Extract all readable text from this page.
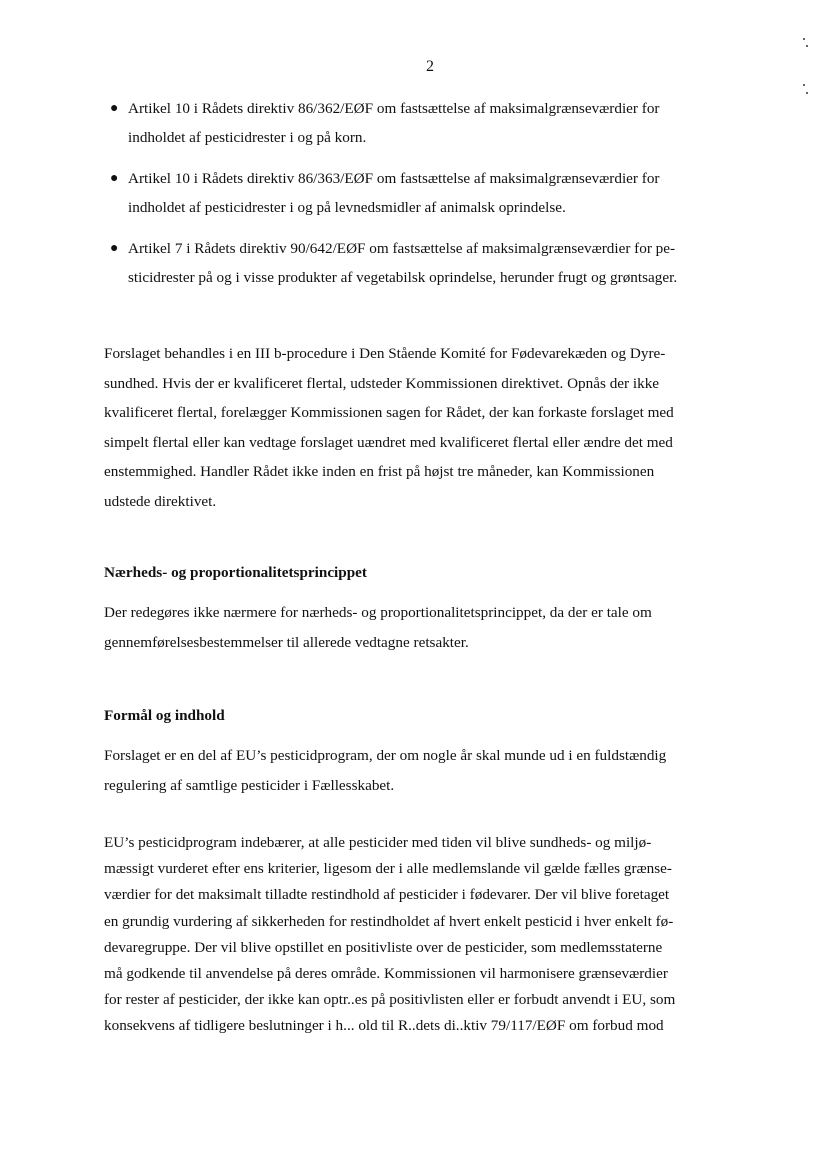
2
● Artikel 10 i Rådets direktiv 86/362/EØF om fastsættelse af maksimalgrænseværdier for
indholdet af pesticidrester i og på korn.
● Artikel 10 i Rådets direktiv 86/363/EØF om fastsættelse af maksimalgrænseværdier for
indholdet af pesticidrester i og på levnedsmidler af animalsk oprindelse.
● Artikel 7 i Rådets direktiv 90/642/EØF om fastsættelse af maksimalgrænseværdier for pe-
sticidrester på og i visse produkter af vegetabilsk oprindelse, herunder frugt og grøntsager.
Forslaget behandles i en III b-procedure i Den Stående Komité for Fødevarekæden og Dyre-
sundhed. Hvis der er kvalificeret flertal, udsteder Kommissionen direktivet. Opnås der ikke
kvalificeret flertal, forelægger Kommissionen sagen for Rådet, der kan forkaste forslaget med
simpelt flertal eller kan vedtage forslaget uændret med kvalificeret flertal eller ændre det med
enstemmighed. Handler Rådet ikke inden en frist på højst tre måneder, kan Kommissionen
udstede direktivet.
Nærheds- og proportionalitetsprincippet
Der redegøres ikke nærmere for nærheds- og proportionalitetsprincippet, da der er tale om
gennemførelsesbestemmelser til allerede vedtagne retsakter.
Formål og indhold
Forslaget er en del af EU’s pesticidprogram, der om nogle år skal munde ud i en fuldstændig
regulering af samtlige pesticider i Fællesskabet.
EU’s pesticidprogram indebærer, at alle pesticider med tiden vil blive sundheds- og miljø-
mæssigt vurderet efter ens kriterier, ligesom der i alle medlemslande vil gælde fælles grænse-
værdier for det maksimalt tilladte restindhold af pesticider i fødevarer. Der vil blive foretaget
en grundig vurdering af sikkerheden for restindholdet af hvert enkelt pesticid i hver enkelt fø-
devaregruppe. Der vil blive opstillet en positivliste over de pesticider, som medlemsstaterne
må godkende til anvendelse på deres område. Kommissionen vil harmonisere grænseværdier
for rester af pesticider, der ikke kan optr..es på positivlisten eller er forbudt anvendt i EU, som
konsekvens af tidligere beslutninger i h... old til R..dets di..ktiv 79/117/EØF om forbud mod
